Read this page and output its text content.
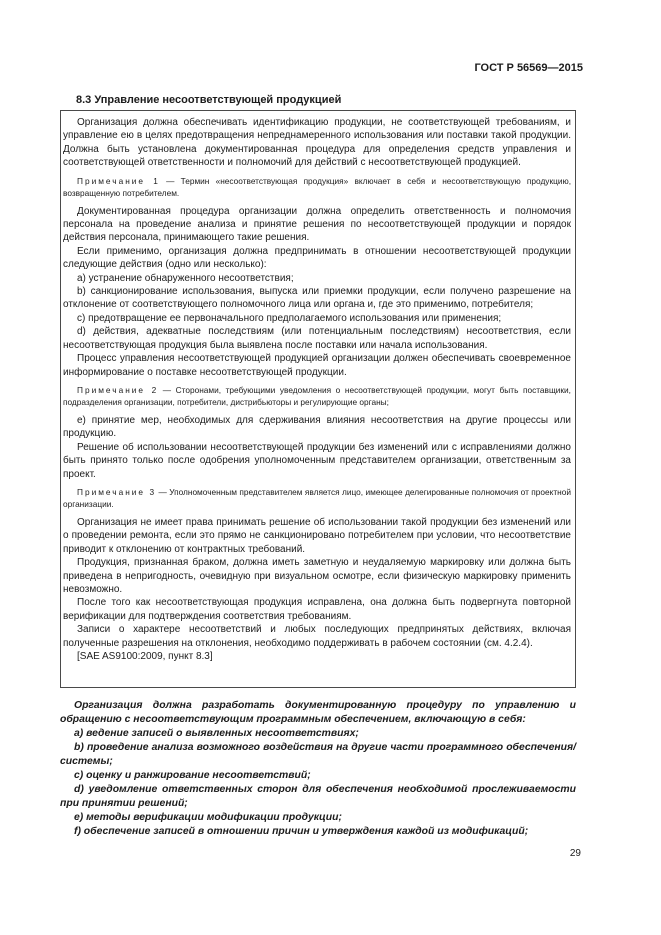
ГОСТ Р 56569—2015
8.3 Управление несоответствующей продукцией

Организация должна обеспечивать идентификацию продукции, не соответствующей требованиям, и управление ею в целях предотвращения непреднамеренного использования или поставки такой продукции. Должна быть установлена документированная процедура для определения средств управления и соответствующей ответственности и полномочий для действий с несоответствующей продукцией.

Примечание 1 — Термин «несоответствующая продукция» включает в себя и несоответствующую продукцию, возвращенную потребителем.

Документированная процедура организации должна определить ответственность и полномочия персонала на проведение анализа и принятие решения по несоответствующей продукции и порядок действия персонала, принимающего такие решения.

Если применимо, организация должна предпринимать в отношении несоответствующей продукции следующие действия (одно или несколько):

a) устранение обнаруженного несоответствия;

b) санкционирование использования, выпуска или приемки продукции, если получено разрешение на отклонение от соответствующего полномочного лица или органа и, где это применимо, потребителя;

c) предотвращение ее первоначального предполагаемого использования или применения;

d) действия, адекватные последствиям (или потенциальным последствиям) несоответствия, если несоответствующая продукция была выявлена после поставки или начала использования.

Процесс управления несоответствующей продукцией организации должен обеспечивать своевременное информирование о поставке несоответствующей продукции.

Примечание 2 — Сторонами, требующими уведомления о несоответствующей продукции, могут быть поставщики, подразделения организации, потребители, дистрибьюторы и регулирующие органы;

e) принятие мер, необходимых для сдерживания влияния несоответствия на другие процессы или продукцию.

Решение об использовании несоответствующей продукции без изменений или с исправлениями должно быть принято только после одобрения уполномоченным представителем организации, ответственным за проект.

Примечание 3 — Уполномоченным представителем является лицо, имеющее делегированные полномочия от проектной организации.

Организация не имеет права принимать решение об использовании такой продукции без изменений или о проведении ремонта, если это прямо не санкционировано потребителем при условии, что несоответствие приводит к отклонению от контрактных требований.

Продукция, признанная браком, должна иметь заметную и неудаляемую маркировку или должна быть приведена в непригодность, очевидную при визуальном осмотре, если физическую маркировку применить невозможно.

После того как несоответствующая продукция исправлена, она должна быть подвергнута повторной верификации для подтверждения соответствия требованиям.

Записи о характере несоответствий и любых последующих предпринятых действиях, включая полученные разрешения на отклонения, необходимо поддерживать в рабочем состоянии (см. 4.2.4).

[SAE AS9100:2009, пункт 8.3]

Организация должна разработать документированную процедуру по управлению и обращению с несоответствующим программным обеспечением, включающую в себя:

a) ведение записей о выявленных несоответствиях;

b) проведение анализа возможного воздействия на другие части программного обеспечения/системы;

c) оценку и ранжирование несоответствий;

d) уведомление ответственных сторон для обеспечения необходимой прослеживаемости при принятии решений;

e) методы верификации модификации продукции;

f) обеспечение записей в отношении причин и утверждения каждой из модификаций;

29
